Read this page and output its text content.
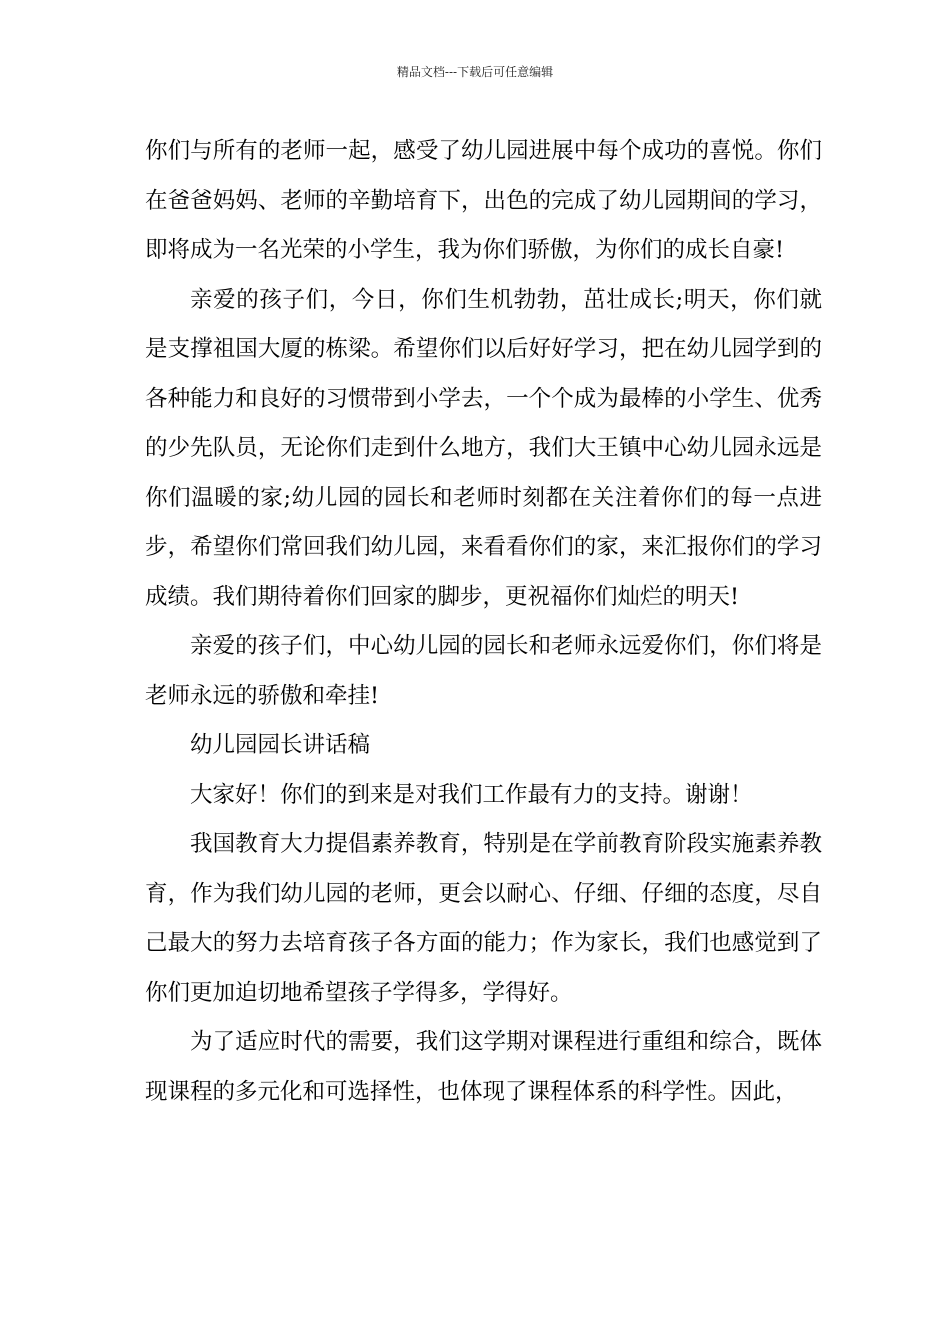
精品文档---下载后可任意编辑

你们与所有的老师一起，感受了幼儿园进展中每个成功的喜悦。你们在爸爸妈妈、老师的辛勤培育下，出色的完成了幼儿园期间的学习，即将成为一名光荣的小学生，我为你们骄傲，为你们的成长自豪!

亲爱的孩子们，今日，你们生机勃勃，茁壮成长;明天，你们就是支撑祖国大厦的栋梁。希望你们以后好好学习，把在幼儿园学到的各种能力和良好的习惯带到小学去，一个个成为最棒的小学生、优秀的少先队员，无论你们走到什么地方，我们大王镇中心幼儿园永远是你们温暖的家;幼儿园的园长和老师时刻都在关注着你们的每一点进步，希望你们常回我们幼儿园，来看看你们的家，来汇报你们的学习成绩。我们期待着你们回家的脚步，更祝福你们灿烂的明天!

亲爱的孩子们，中心幼儿园的园长和老师永远爱你们，你们将是老师永远的骄傲和牵挂!

幼儿园园长讲话稿

大家好！你们的到来是对我们工作最有力的支持。谢谢！

我国教育大力提倡素养教育，特别是在学前教育阶段实施素养教育，作为我们幼儿园的老师，更会以耐心、仔细、仔细的态度，尽自己最大的努力去培育孩子各方面的能力；作为家长，我们也感觉到了你们更加迫切地希望孩子学得多，学得好。

为了适应时代的需要，我们这学期对课程进行重组和综合，既体现课程的多元化和可选择性，也体现了课程体系的科学性。因此，
